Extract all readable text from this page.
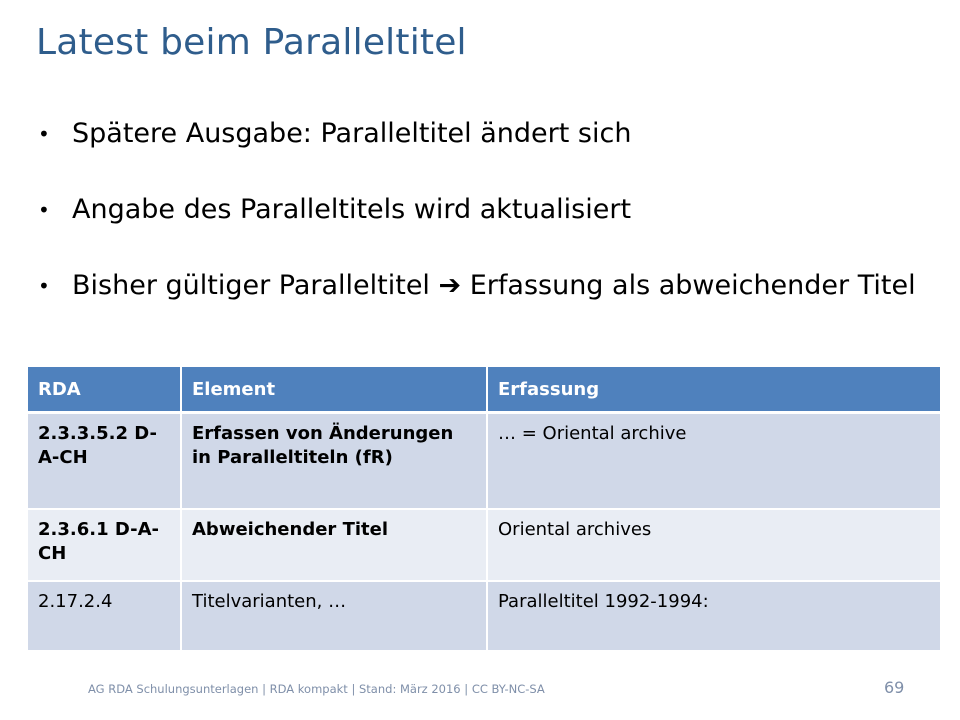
Latest beim Paralleltitel
• Spätere Ausgabe: Paralleltitel ändert sich
• Angabe des Paralleltitels wird aktualisiert
• Bisher gültiger Paralleltitel ➔ Erfassung als abweichender Titel
RDA	Element	Erfassung
2.3.3.5.2 D-A-CH	Erfassen von Änderungen in Paralleltiteln (fR)	… = Oriental archive
2.3.6.1 D-A-CH	Abweichender Titel	Oriental archives
2.17.2.4	Titelvarianten, …	Paralleltitel 1992-1994:
AG RDA Schulungsunterlagen | RDA kompakt | Stand: März 2016 | CC BY-NC-SA	69
